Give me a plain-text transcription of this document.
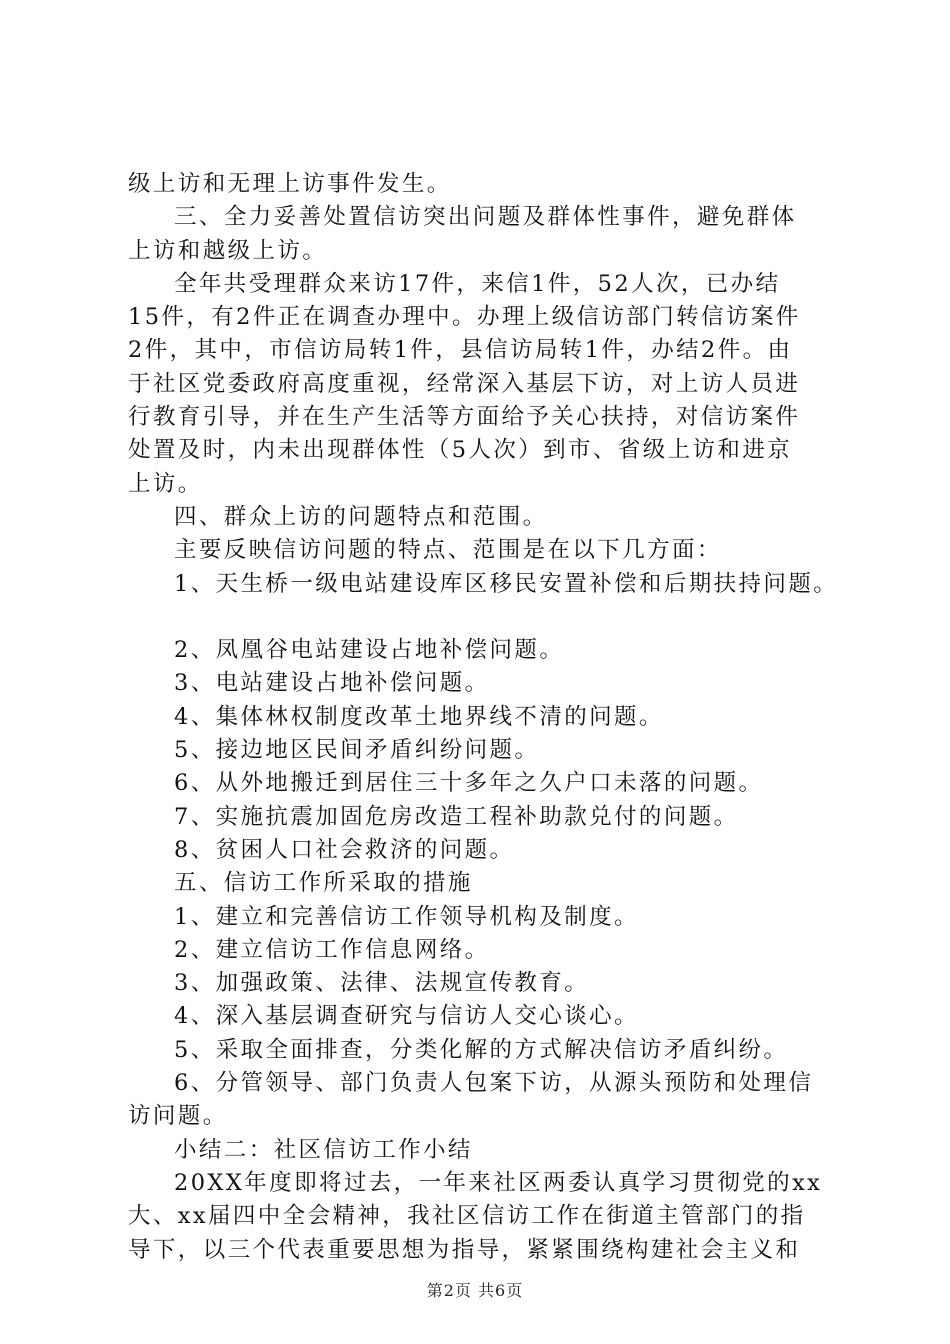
级上访和无理上访事件发生。
三、全力妥善处置信访突出问题及群体性事件，避免群体
上访和越级上访。
全年共受理群众来访17件，来信1件，52人次，已办结
15件，有2件正在调查办理中。办理上级信访部门转信访案件
2件，其中，市信访局转1件，县信访局转1件，办结2件。由
于社区党委政府高度重视，经常深入基层下访，对上访人员进
行教育引导，并在生产生活等方面给予关心扶持，对信访案件
处置及时，内未出现群体性（5人次）到市、省级上访和进京
上访。
四、群众上访的问题特点和范围。
主要反映信访问题的特点、范围是在以下几方面：
1、天生桥一级电站建设库区移民安置补偿和后期扶持问题。
2、凤凰谷电站建设占地补偿问题。
3、电站建设占地补偿问题。
4、集体林权制度改革土地界线不清的问题。
5、接边地区民间矛盾纠纷问题。
6、从外地搬迁到居住三十多年之久户口未落的问题。
7、实施抗震加固危房改造工程补助款兑付的问题。
8、贫困人口社会救济的问题。
五、信访工作所采取的措施
1、建立和完善信访工作领导机构及制度。
2、建立信访工作信息网络。
3、加强政策、法律、法规宣传教育。
4、深入基层调查研究与信访人交心谈心。
5、采取全面排查，分类化解的方式解决信访矛盾纠纷。
6、分管领导、部门负责人包案下访，从源头预防和处理信
访问题。
小结二：社区信访工作小结
20XX年度即将过去，一年来社区两委认真学习贯彻党的xx
大、xx届四中全会精神，我社区信访工作在街道主管部门的指
导下，以三个代表重要思想为指导，紧紧围绕构建社会主义和
第2页 共6页
